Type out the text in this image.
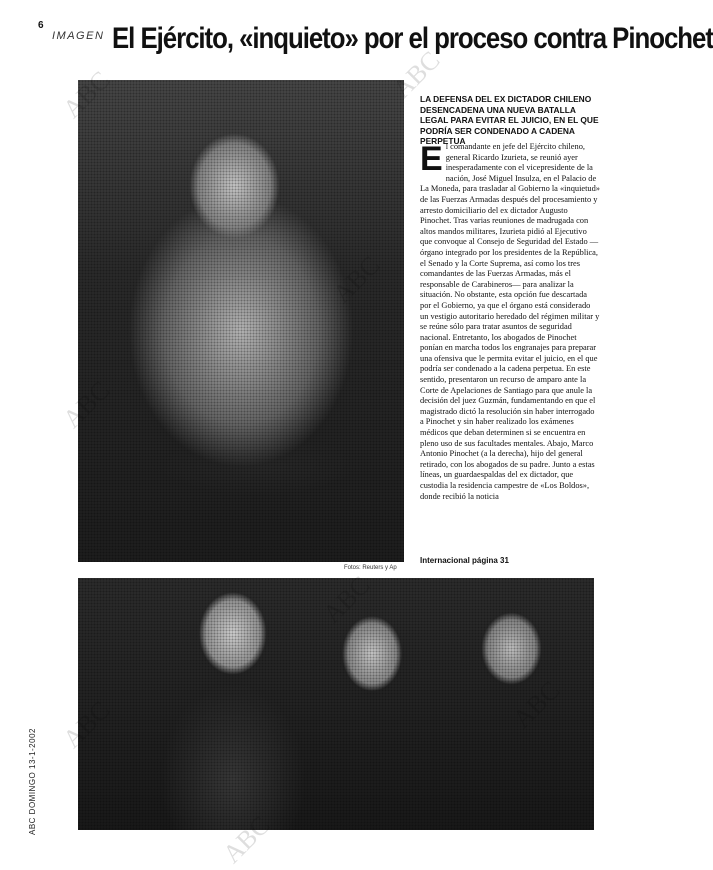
6
IMAGEN El Ejército, «inquieto» por el proceso contra Pinochet
ABC DOMINGO 13-1-2002
Fotos: Reuters y Ap
LA DEFENSA DEL EX DICTADOR CHILENO DESENCADENA UNA NUEVA BATALLA LEGAL PARA EVITAR EL JUICIO, EN EL QUE PODRÍA SER CONDENADO A CADENA PERPETUA
El comandante en jefe del Ejército chileno, general Ricardo Izurieta, se reunió ayer inesperadamente con el vicepresidente de la nación, José Miguel Insulza, en el Palacio de La Moneda, para trasladar al Gobierno la «inquietud» de las Fuerzas Armadas después del procesamiento y arresto domiciliario del ex dictador Augusto Pinochet. Tras varias reuniones de madrugada con altos mandos militares, Izurieta pidió al Ejecutivo que convoque al Consejo de Seguridad del Estado —órgano integrado por los presidentes de la República, el Senado y la Corte Suprema, así como los tres comandantes de las Fuerzas Armadas, más el responsable de Carabineros— para analizar la situación. No obstante, esta opción fue descartada por el Gobierno, ya que el órgano está considerado un vestigio autoritario heredado del régimen militar y se reúne sólo para tratar asuntos de seguridad nacional. Entretanto, los abogados de Pinochet ponían en marcha todos los engranajes para preparar una ofensiva que le permita evitar el juicio, en el que podría ser condenado a la cadena perpetua. En este sentido, presentaron un recurso de amparo ante la Corte de Apelaciones de Santiago para que anule la decisión del juez Guzmán, fundamentando en que el magistrado dictó la resolución sin haber interrogado a Pinochet y sin haber realizado los exámenes médicos que deban determinen si se encuentra en pleno uso de sus facultades mentales. Abajo, Marco Antonio Pinochet (a la derecha), hijo del general retirado, con los abogados de su padre. Junto a estas líneas, un guardaespaldas del ex dictador, que custodia la residencia campestre de «Los Boldos», donde recibió la noticia
Internacional página 31
ABC
ABC
